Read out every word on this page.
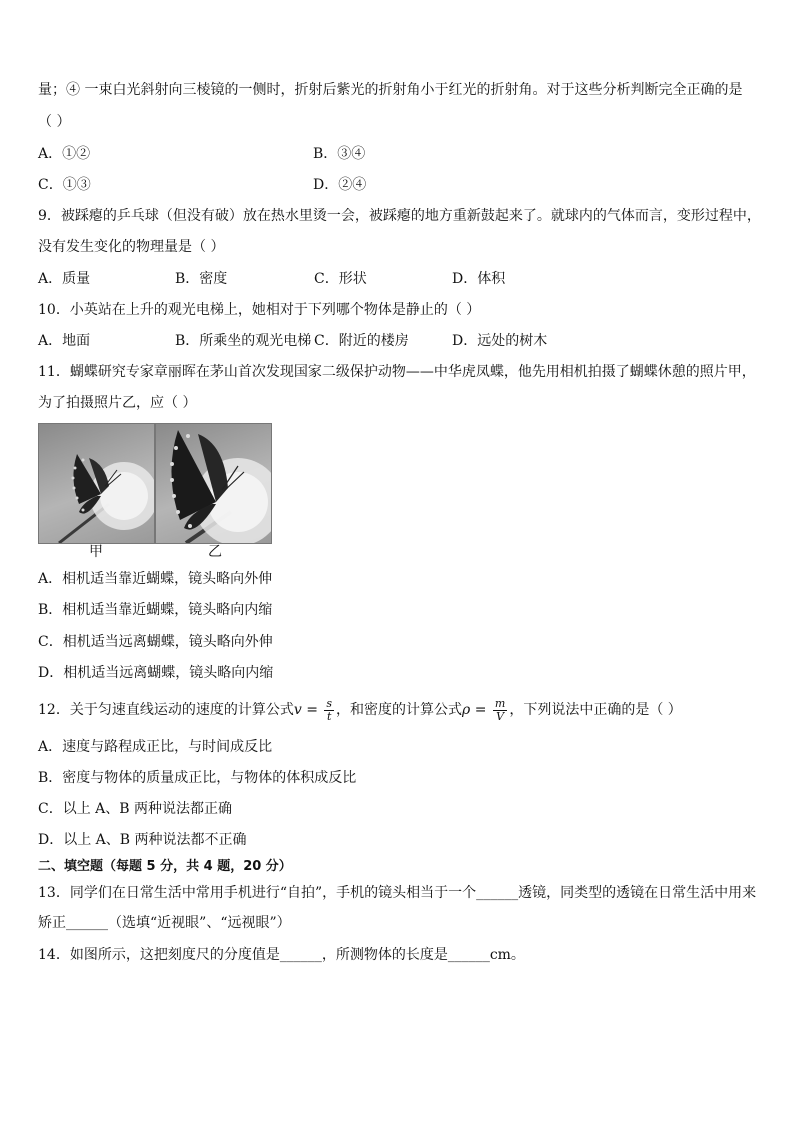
量；④ 一束白光斜射向三棱镜的一侧时，折射后紫光的折射角小于红光的折射角。对于这些分析判断完全正确的是
（ ）
A．①②	B．③④
C．①③	D．②④
9．被踩瘪的乒乓球（但没有破）放在热水里烫一会，被踩瘪的地方重新鼓起来了。就球内的气体而言，变形过程中，
没有发生变化的物理量是（ ）
A．质量	B．密度	C．形状	D．体积
10．小英站在上升的观光电梯上，她相对于下列哪个物体是静止的（ ）
A．地面	B．所乘坐的观光电梯 C．附近的楼房	D．远处的树木
11．蝴蝶研究专家章丽晖在茅山首次发现国家二级保护动物——中华虎凤蝶，他先用相机拍摄了蝴蝶休憩的照片甲，
为了拍摄照片乙，应（ ）
甲	乙
A．相机适当靠近蝴蝶，镜头略向外伸
B．相机适当靠近蝴蝶，镜头略向内缩
C．相机适当远离蝴蝶，镜头略向外伸
D．相机适当远离蝴蝶，镜头略向内缩
12．关于匀速直线运动的速度的计算公式$v = \frac{s}{t}$ ，和密度的计算公式$\rho = \frac{m}{V}$ ，下列说法中正确的是（ ）
A．速度与路程成正比，与时间成反比
B．密度与物体的质量成正比，与物体的体积成反比
C．以上 A、B 两种说法都正确
D．以上 A、B 两种说法都不正确
二、填空题（每题 5 分，共 4 题，20 分）
13．同学们在日常生活中常用手机进行“自拍”，手机的镜头相当于一个______透镜，同类型的透镜在日常生活中用来
矫正______（选填“近视眼”、“远视眼”）
14．如图所示，这把刻度尺的分度值是______，所测物体的长度是______cm。
